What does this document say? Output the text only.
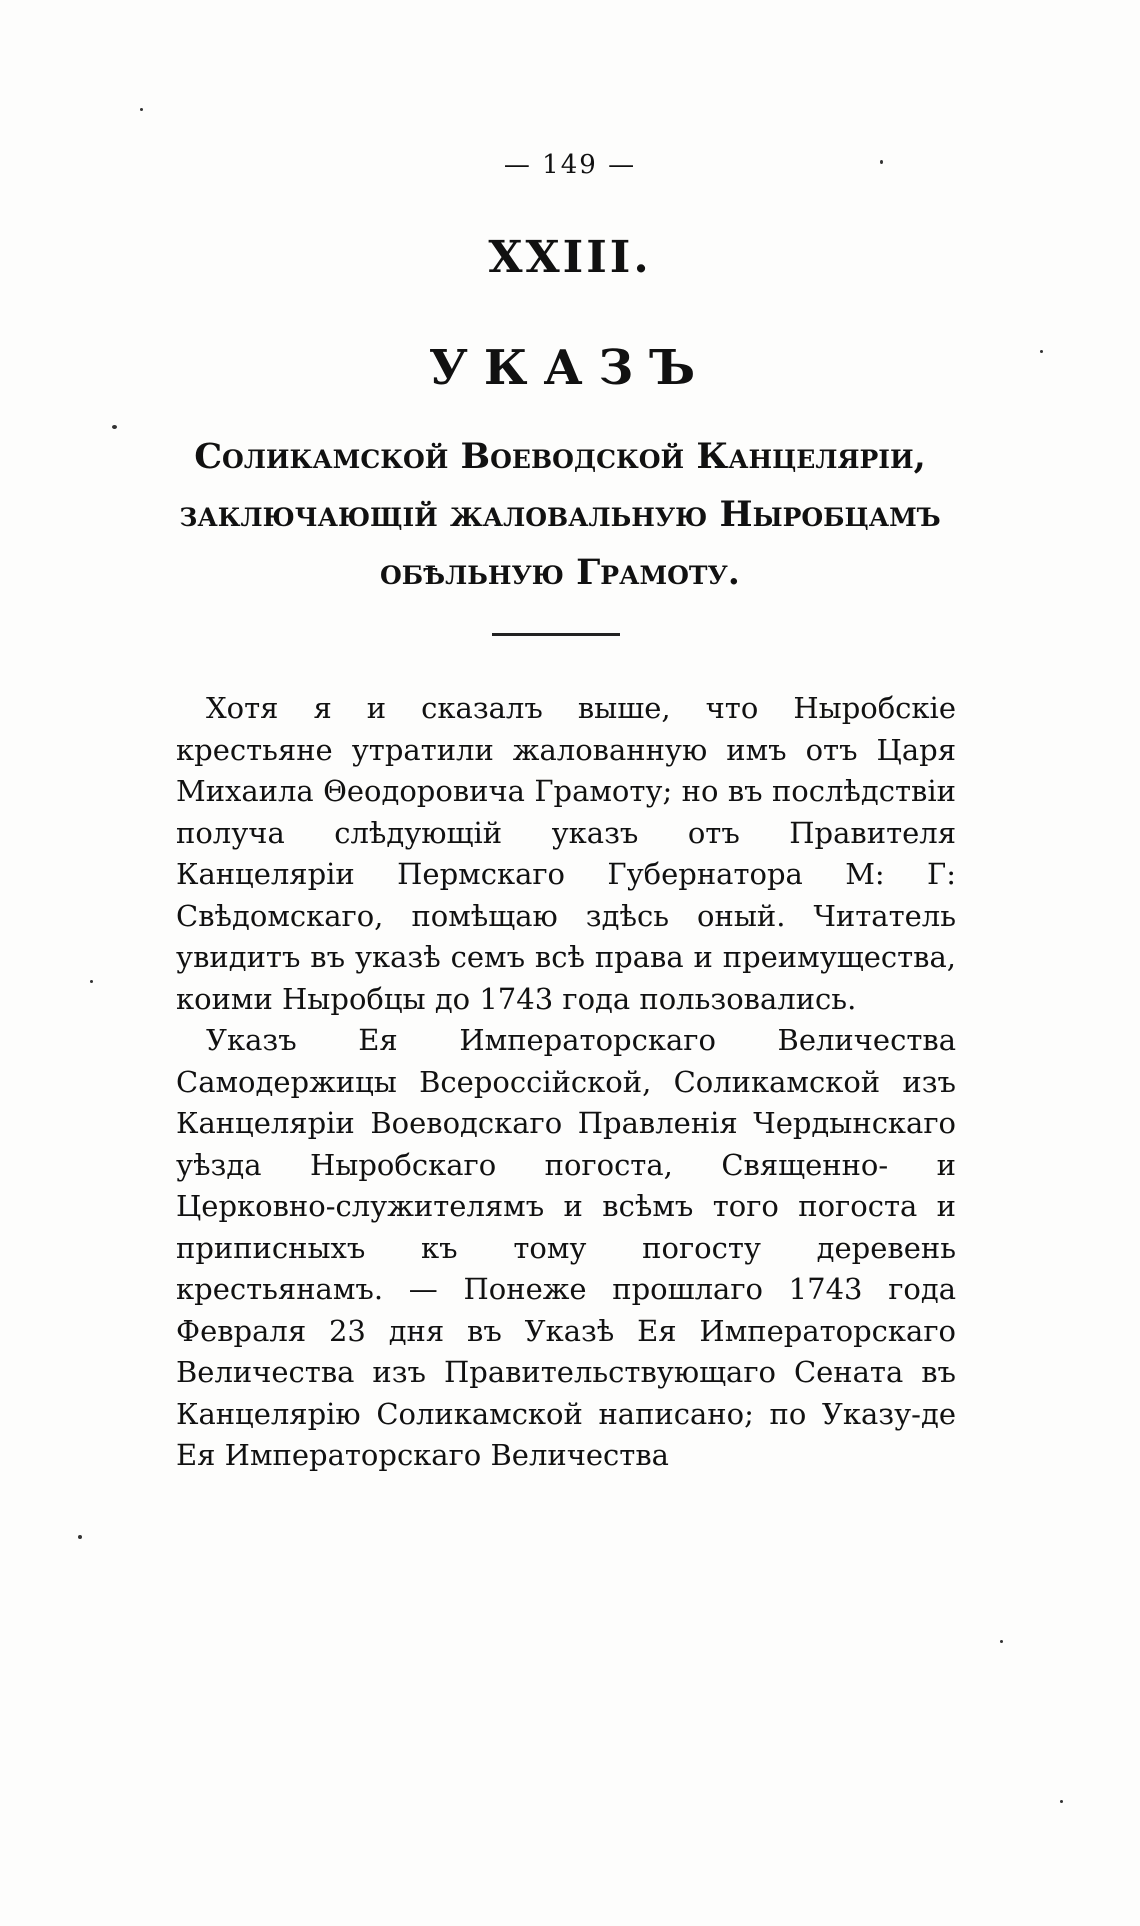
— 149 —
XXIII.
УКАЗЪ
Соликамской Воеводской Канцелярiи, заключающiй жаловальную Ныробцамъ обѣльную Грамоту.

Хотя я и сказалъ выше, что Ныробскiе крестьяне утратили жалованную имъ отъ Царя Михаила Θеодоровича Грамоту; но въ послѣдствiи получа слѣдующiй указъ отъ Правителя Канцелярiи Пермскаго Губернатора М: Г: Свѣдомскаго, помѣщаю здѣсь оный. Читатель увидитъ въ указѣ семъ всѣ права и преимущества, коими Ныробцы до 1743 года пользовались.

Указъ Ея Императорскаго Величества Самодержицы Всероссiйской, Соликамской изъ Канцелярiи Воеводскаго Правленiя Чердынскаго уѣзда Ныробскаго погоста, Священно- и Церковно-служителямъ и всѣмъ того погоста и приписныхъ къ тому погосту деревень крестьянамъ. — Понеже прошлаго 1743 года Февраля 23 дня въ Указѣ Ея Императорскаго Величества изъ Правительствующаго Сената въ Канцелярiю Соликамской написано; по Указу-де Ея Императорскаго Величества
